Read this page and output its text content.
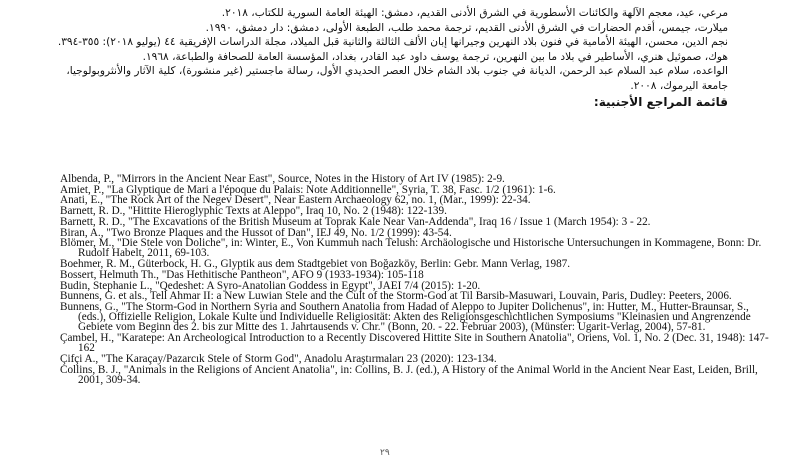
مرعي، عيد، معجم الآلهة والكائنات الأسطورية في الشرق الأدنى القديم، دمشق: الهيئة العامة السورية للكتاب، ٢٠١٨.

ميلارت، جيمس، أقدم الحضارات في الشرق الأدنى القديم، ترجمة محمد طلب، الطبعة الأولى، دمشق: دار دمشق، ١٩٩٠.

نجم الدين، محسن، الهيئة الأمامية في فنون بلاد النهرين وجيرانها إبان الألف الثالثة والثانية قبل الميلاد، مجلة الدراسات الإفريقية ٤٤ (يوليو ٢٠١٨): ٣٥٥-٣٩٤.

هوك، صموئيل هنري، الأساطير في بلاد ما بين النهرين، ترجمة يوسف داود عبد القادر، بغداد، المؤسسة العامة للصحافة والطباعة، ١٩٦٨.

الواعده، سلام عبد السلام عبد الرحمن، الديانة في جنوب بلاد الشام خلال العصر الحديدي الأول، رسالة ماجستير (غير منشورة)، كلية الآثار والأنثروبولوجيا، جامعة اليرموك، ٢٠٠٨.

قائمة المراجع الأجنبية:

Albenda, P., "Mirrors in the Ancient Near East", Source, Notes in the History of Art IV (1985): 2-9.

Amiet, P., "La Glyptique de Mari a l'époque du Palais: Note Additionnelle", Syria, T. 38, Fasc. 1/2 (1961): 1-6.

Anati, E., "The Rock Art of the Negev Desert", Near Eastern Archaeology 62, no. 1, (Mar., 1999): 22-34.

Barnett, R. D., "Hittite Hieroglyphic Texts at Aleppo", Iraq 10, No. 2 (1948): 122-139.

Barnett, R. D., "The Excavations of the British Museum at Toprak Kale Near Van-Addenda", Iraq 16 / Issue 1 (March 1954): 3 - 22.

Biran, A., "Two Bronze Plaques and the Hussot of Dan", IEJ 49, No. 1/2 (1999): 43-54.

Blömer, M., "Die Stele von Doliche", in: Winter, E., Von Kummuh nach Telush: Archäologische und Historische Untersuchungen in Kommagene, Bonn: Dr. Rudolf Habelt, 2011, 69-103.

Boehmer, R. M., Güterbock, H. G., Glyptik aus dem Stadtgebiet von Boğazköy, Berlin: Gebr. Mann Verlag, 1987.

Bossert, Helmuth Th., "Das Hethitische Pantheon", AFO 9 (1933-1934): 105-118

Budin, Stephanie L., "Qedeshet: A Syro-Anatolian Goddess in Egypt", JAEI 7/4 (2015): 1-20.

Bunnens, G. et als., Tell Ahmar II: a New Luwian Stele and the Cult of the Storm-God at Til Barsib-Masuwari, Louvain, Paris, Dudley: Peeters, 2006.

Bunnens, G., "The Storm-God in Northern Syria and Southern Anatolia from Hadad of Aleppo to Jupiter Dolichenus", in: Hutter, M., Hutter-Braunsar, S., (eds.), Offizielle Religion, Lokale Kulte und Individuelle Religiosität: Akten des Religionsgeschichtlichen Symposiums "Kleinasien und Angrenzende Gebiete vom Beginn des 2. bis zur Mitte des 1. Jahrtausends v. Chr." (Bonn, 20. - 22. Februar 2003), (Münster: Ugarit-Verlag, 2004), 57-81.

Çambel, H., "Karatepe: An Archeological Introduction to a Recently Discovered Hittite Site in Southern Anatolia", Oriens, Vol. 1, No. 2 (Dec. 31, 1948): 147-162

Çifçi A., "The Karaçay/Pazarcık Stele of Storm God", Anadolu Araştırmaları 23 (2020): 123-134.

Collins, B. J., "Animals in the Religions of Ancient Anatolia", in: Collins, B. J. (ed.), A History of the Animal World in the Ancient Near East, Leiden, Brill, 2001, 309-34.

٢٩
